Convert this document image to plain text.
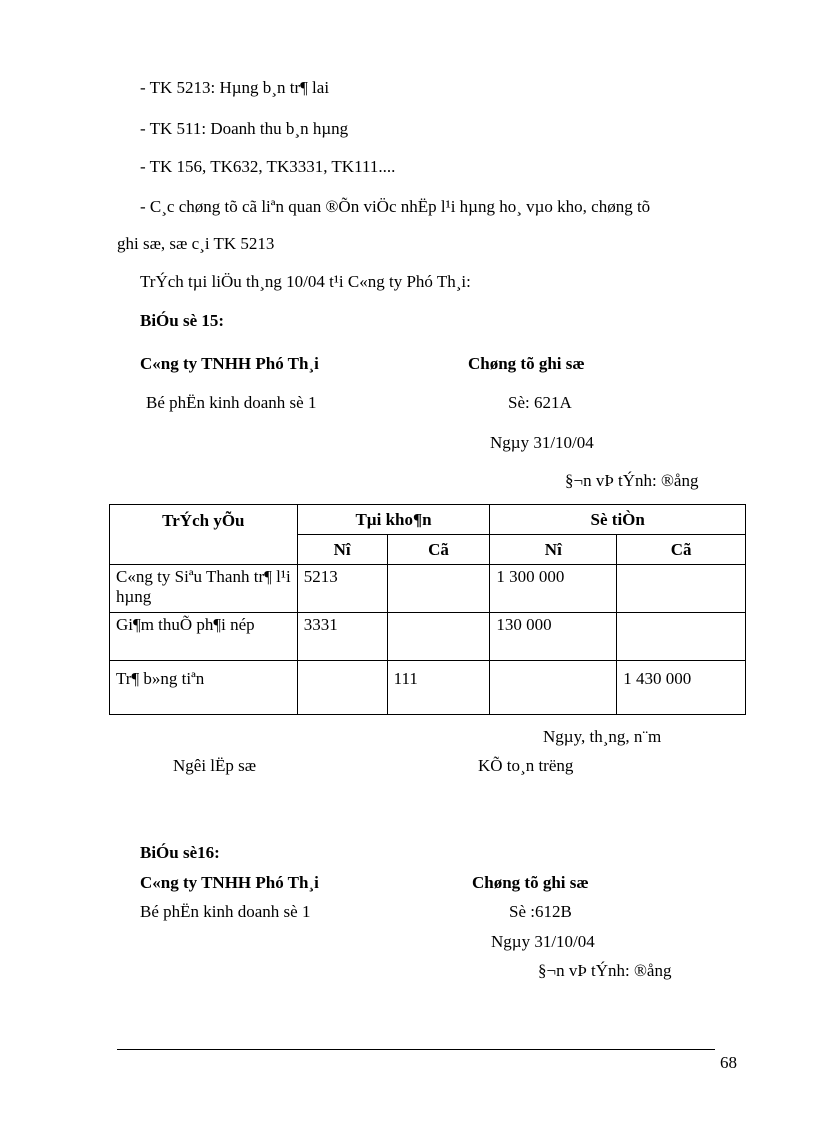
- TK 5213: Hµng b¸n tr¶ lai
- TK 511: Doanh thu b¸n hµng
- TK 156, TK632, TK3331, TK111....
- C¸c chøng tõ cã liªn quan ®Õn viÖc nhËp l¹i hµng ho¸ vµo kho, chøng tõ
ghi sæ, sæ c¸i TK 5213
TrÝch tµi liÖu th¸ng 10/04 t¹i C«ng ty Phó Th¸i:
BiÓu sè 15:
C«ng ty TNHH Phó Th¸i	Chøng tõ ghi sæ
Bé phËn kinh doanh sè 1	Sè: 621A
Ngµy 31/10/04
§¬n vÞ tÝnh: ®ång
TrÝch yÕu	Tµi kho¶n		Sè tiÒn	
	Nî	Cã	Nî	Cã
C«ng ty Siªu Thanh tr¶ l¹i hµng	5213		1 300 000	
Gi¶m thuÕ ph¶i nép	3331		130 000	
Tr¶ b»ng tiªn		111		1 430 000
Ngµy, th¸ng, n¨m
Ngêi lËp sæ	KÕ to¸n trëng
BiÓu sè16:
C«ng ty TNHH Phó Th¸i	Chøng tõ ghi sæ
Bé phËn kinh doanh sè 1	Sè :612B
Ngµy 31/10/04
§¬n vÞ tÝnh: ®ång
68
